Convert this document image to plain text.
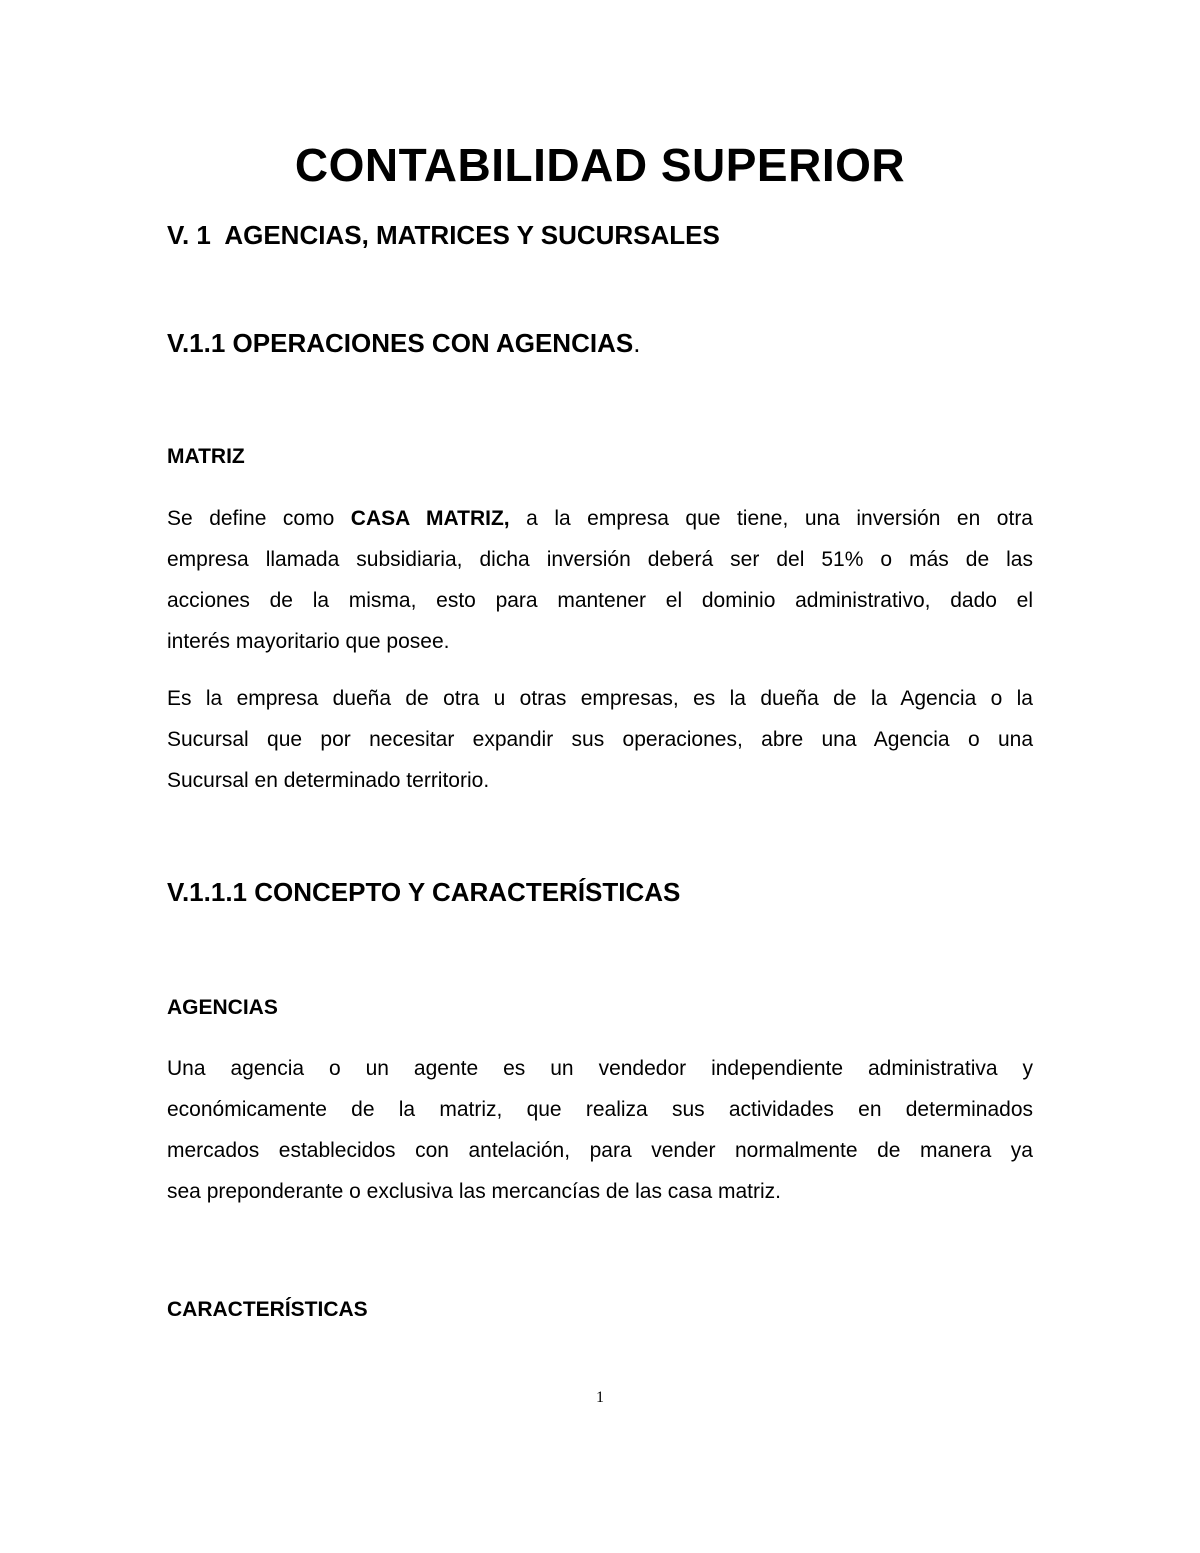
CONTABILIDAD SUPERIOR
V. 1  AGENCIAS, MATRICES Y SUCURSALES
V.1.1 OPERACIONES CON AGENCIAS.
MATRIZ
Se define como CASA MATRIZ, a la empresa que tiene, una inversión en otra
empresa llamada subsidiaria, dicha inversión deberá ser del 51% o más de las
acciones de la misma, esto para mantener el dominio administrativo, dado el
interés mayoritario que posee.
Es la empresa dueña de otra u otras empresas, es la dueña de la Agencia o la
Sucursal que por necesitar expandir sus operaciones, abre una Agencia o una
Sucursal en determinado territorio.
V.1.1.1 CONCEPTO Y CARACTERÍSTICAS
AGENCIAS
Una agencia o un agente es un vendedor independiente administrativa y
económicamente de la matriz, que realiza sus actividades en determinados
mercados establecidos con antelación, para vender normalmente de manera ya
sea preponderante o exclusiva las mercancías de las casa matriz.
CARACTERÍSTICAS
1
